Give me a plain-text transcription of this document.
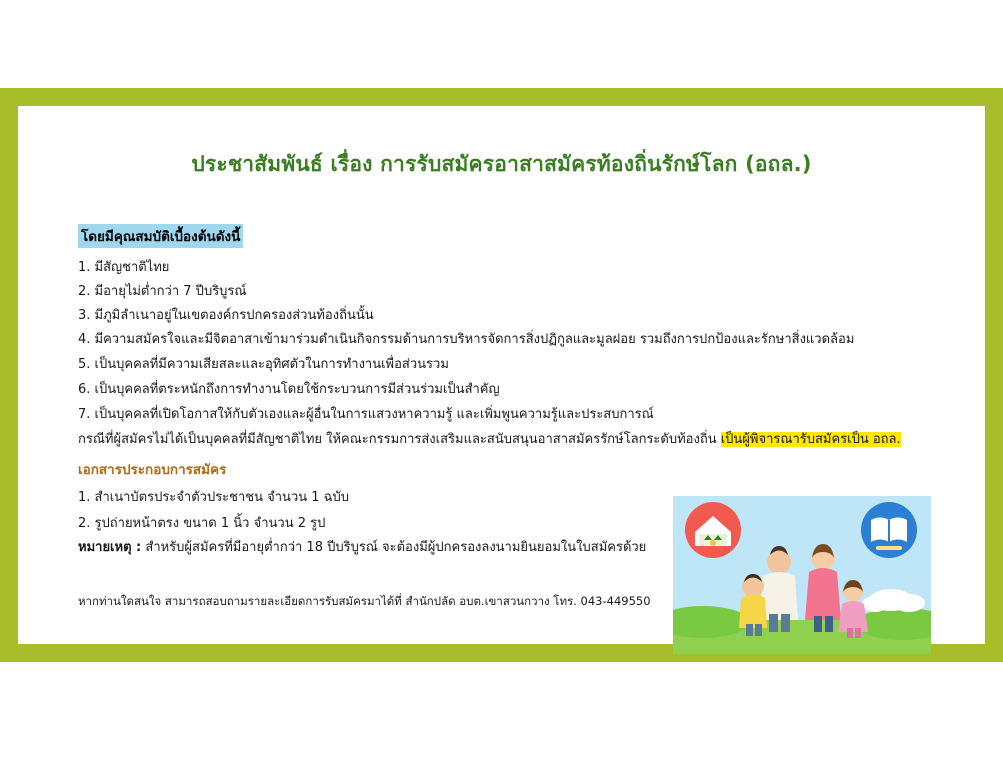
ประชาสัมพันธ์ เรื่อง การรับสมัครอาสาสมัครท้องถิ่นรักษ์โลก (อถล.)
โดยมีคุณสมบัติเบื้องต้นดังนี้
1. มีสัญชาติไทย
2. มีอายุไม่ต่ำกว่า 7 ปีบริบูรณ์
3. มีภูมิลำเนาอยู่ในเขตองค์กรปกครองส่วนท้องถิ่นนั้น
4. มีความสมัครใจและมีจิตอาสาเข้ามาร่วมดำเนินกิจกรรมด้านการบริหารจัดการสิ่งปฏิกูลและมูลฝอย รวมถึงการปกป้องและรักษาสิ่งแวดล้อม
5. เป็นบุคคลที่มีความเสียสละและอุทิศตัวในการทำงานเพื่อส่วนรวม
6. เป็นบุคคลที่ตระหนักถึงการทำงานโดยใช้กระบวนการมีส่วนร่วมเป็นสำคัญ
7. เป็นบุคคลที่เปิดโอกาสให้กับตัวเองและผู้อื่นในการแสวงหาความรู้ และเพิ่มพูนความรู้และประสบการณ์
กรณีที่ผู้สมัครไม่ได้เป็นบุคคลที่มีสัญชาติไทย ให้คณะกรรมการส่งเสริมและสนับสนุนอาสาสมัครรักษ์โลกระดับท้องถิ่น เป็นผู้พิจารณารับสมัครเป็น อถล.
เอกสารประกอบการสมัคร
1. สำเนาบัตรประจำตัวประชาชน จำนวน 1 ฉบับ
2. รูปถ่ายหน้าตรง ขนาด 1 นิ้ว จำนวน 2 รูป
หมายเหตุ : สำหรับผู้สมัครที่มีอายุต่ำกว่า 18 ปีบริบูรณ์ จะต้องมีผู้ปกครองลงนามยินยอมในใบสมัครด้วย
หากท่านใดสนใจ สามารถสอบถามรายละเอียดการรับสมัครมาได้ที่ สำนักปลัด อบต.เขาสวนกวาง โทร. 043-449550
